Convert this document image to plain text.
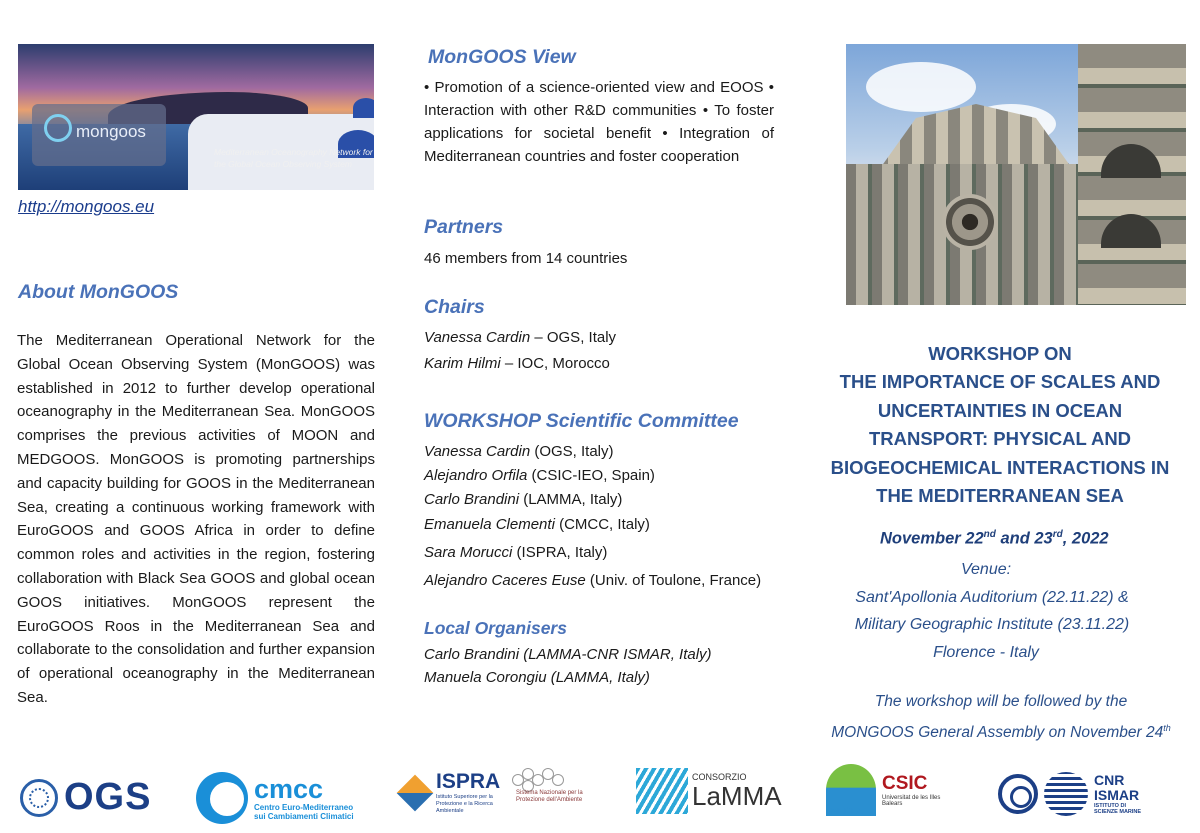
mongoos
Mediterranean Oceanography Network for the Global Ocean Observing System
http://mongoos.eu
About MonGOOS
The Mediterranean Operational Network for the Global Ocean Observing System (MonGOOS) was established in 2012 to further develop operational oceanography in the Mediterranean Sea. MonGOOS comprises the previous activities of MOON and MEDGOOS. MonGOOS is promoting partnerships and capacity building for GOOS in the Mediterranean Sea, creating a continuous working framework with EuroGOOS and GOOS Africa in order to define common roles and activities in the region, fostering collaboration with Black Sea GOOS and global ocean GOOS initiatives. MonGOOS represent the EuroGOOS Roos in the Mediterranean Sea and collaborate to the consolidation and further expansion of operational oceanography in the Mediterranean Sea.
MonGOOS View
• Promotion of a science-oriented view and EOOS • Interaction with other R&D communities • To foster applications for societal benefit • Integration of Mediterranean countries and foster cooperation
Partners
46 members from 14 countries
Chairs
Vanessa Cardin – OGS, Italy
Karim Hilmi – IOC, Morocco
WORKSHOP Scientific Committee
Vanessa Cardin (OGS, Italy)
Alejandro Orfila (CSIC-IEO, Spain)
Carlo Brandini (LAMMA, Italy)
Emanuela Clementi (CMCC, Italy)
Sara Morucci (ISPRA, Italy)
Alejandro Caceres Euse (Univ. of Toulone, France)
Local Organisers
Carlo Brandini (LAMMA-CNR ISMAR, Italy)
Manuela Corongiu (LAMMA, Italy)
WORKSHOP ON
THE IMPORTANCE OF SCALES AND
UNCERTAINTIES IN OCEAN
TRANSPORT: PHYSICAL AND
BIOGEOCHEMICAL INTERACTIONS IN
THE MEDITERRANEAN SEA
November 22nd and 23rd, 2022
Venue:
Sant'Apollonia Auditorium (22.11.22) &
Military Geographic Institute (23.11.22)
Florence - Italy
The workshop will be followed by the
MONGOOS General Assembly on November 24th
OGS	cmcc
Centro Euro-Mediterraneo
sui Cambiamenti Climatici
ISPRA
Istituto Superiore per la Protezione e la Ricerca Ambientale
Sistema Nazionale per la Protezione dell'Ambiente
CONSORZIO
LaMMA	CSIC
Universitat de les Illes Balears
IMEDEA
CNR
ISMAR
ISTITUTO DI SCIENZE MARINE
